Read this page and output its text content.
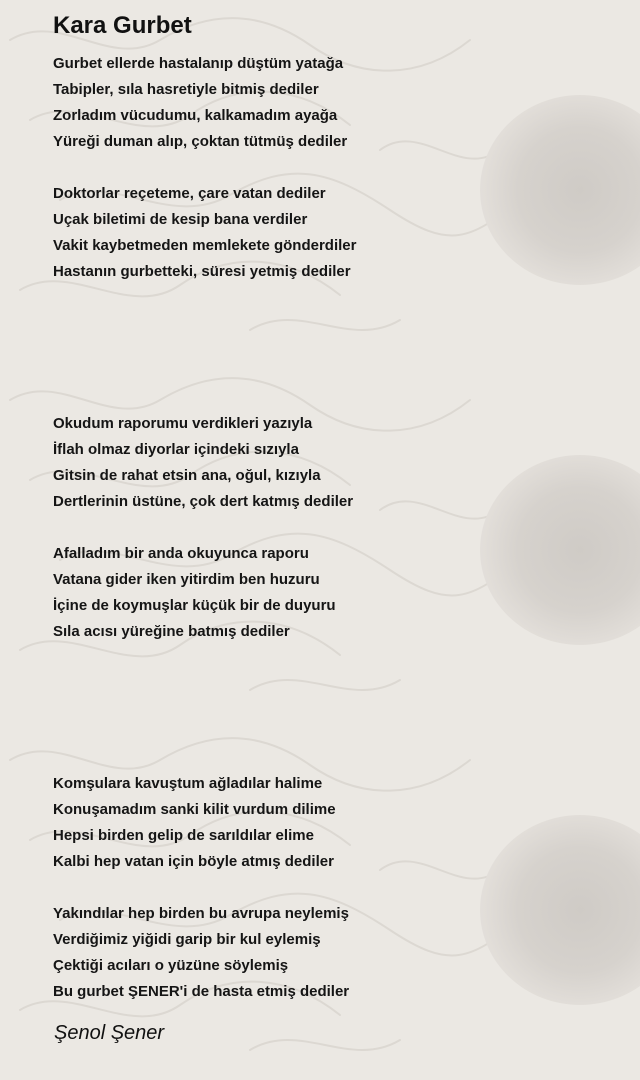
Kara Gurbet
Gurbet ellerde hastalanıp düştüm yatağa
Tabipler, sıla hasretiyle bitmiş dediler
Zorladım vücudumu, kalkamadım ayağa
Yüreği duman alıp, çoktan tütmüş dediler
Doktorlar reçeteme, çare vatan dediler
Uçak biletimi de kesip bana verdiler
Vakit kaybetmeden memlekete gönderdiler
Hastanın gurbetteki, süresi yetmiş dediler
Okudum raporumu verdikleri yazıyla
İflah olmaz diyorlar içindeki sızıyla
Gitsin de rahat etsin ana, oğul, kızıyla
Dertlerinin üstüne, çok dert katmış dediler
Afalladım bir anda okuyunca raporu
Vatana gider iken yitirdim ben huzuru
İçine de koymuşlar küçük bir de duyuru
Sıla acısı yüreğine batmış dediler
Komşulara kavuştum ağladılar halime
Konuşamadım sanki kilit vurdum dilime
Hepsi birden gelip de sarıldılar elime
Kalbi hep vatan için böyle atmış dediler
Yakındılar hep birden bu avrupa neylemiş
Verdiğimiz yiğidi garip bir kul eylemiş
Çektiği acıları o yüzüne söylemiş
Bu gurbet ŞENER'i de hasta etmiş dediler

Şenol Şener
